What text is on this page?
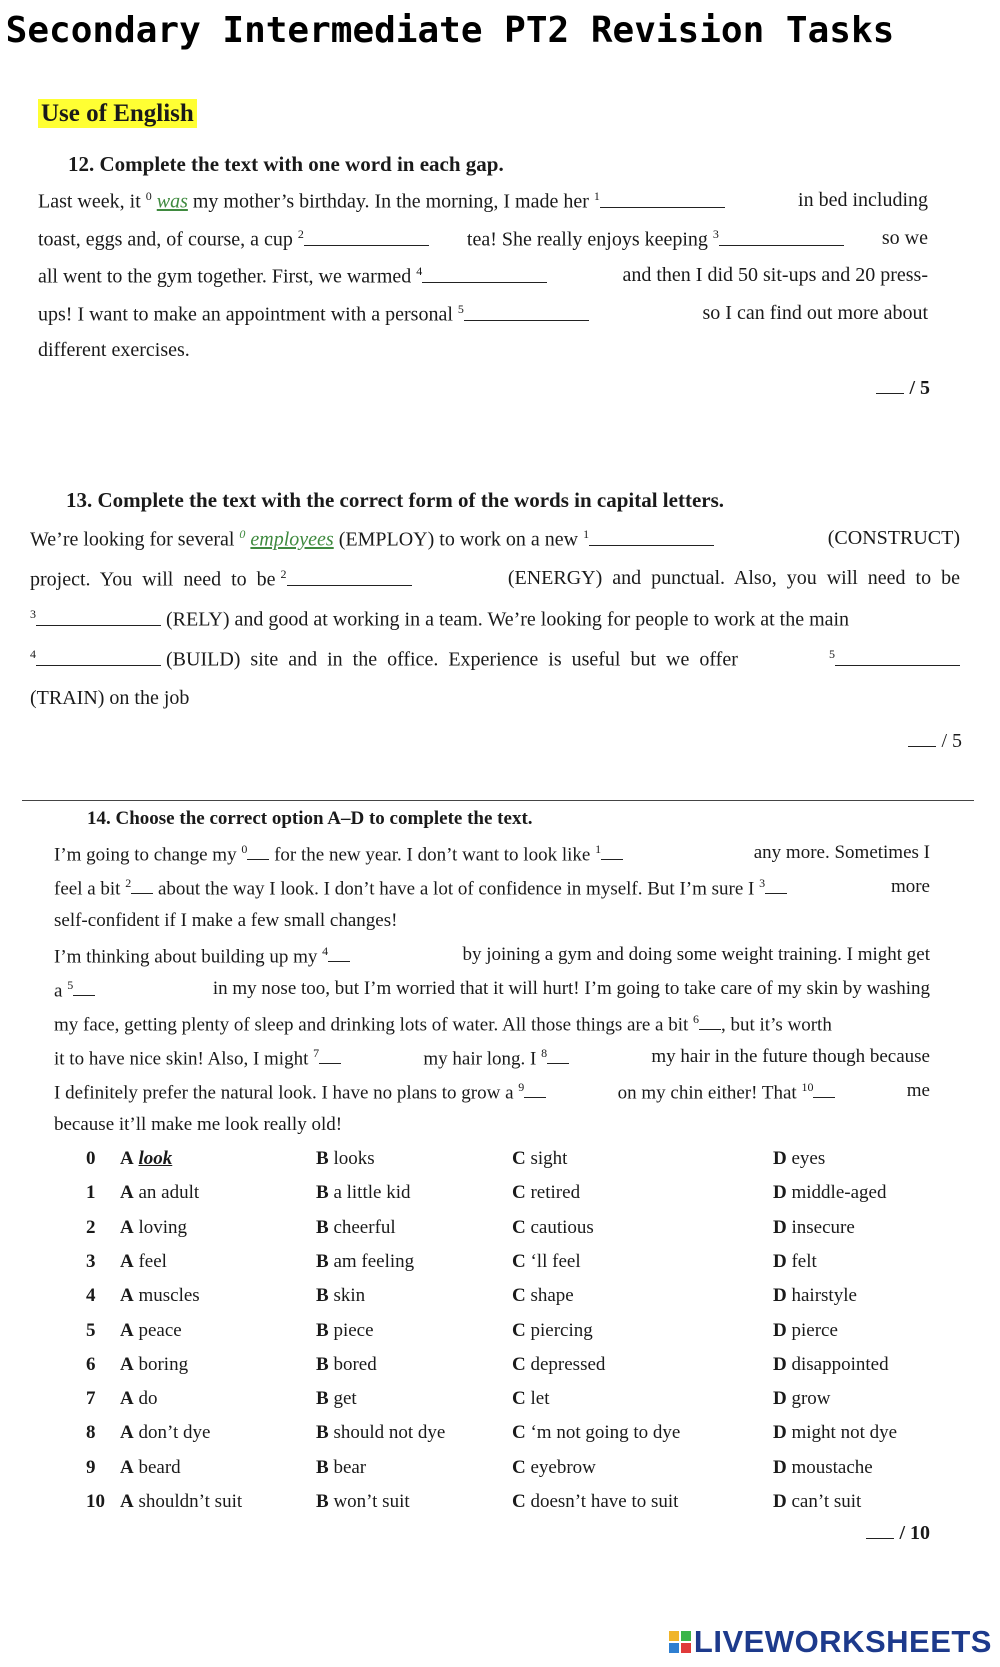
Secondary Intermediate PT2 Revision Tasks
Use of English
12. Complete the text with one word in each gap.
Last week, it $^0$ was my mother’s birthday. In the morning, I made her $^1$	in bed including
toast, eggs and, of course, a cup $^2$	tea! She really enjoys keeping $^3$	so we
all went to the gym together. First, we warmed $^4$	and then I did 50 sit-ups and 20 press-
ups! I want to make an appointment with a personal $^5$	so I can find out more about
different exercises.
/ 5
13. Complete the text with the correct form of the words in capital letters.
We’re looking for several $^0$ employees (EMPLOY) to work on a new $^1$	(CONSTRUCT)
project.  You  will  need  to  be $^2$	(ENERGY)  and  punctual.  Also,  you  will  need  to  be
$^3$	(RELY) and good at working in a team. We’re looking for people to work at the main
$^4$	(BUILD)  site  and  in  the  office.  Experience  is  useful  but  we  offer	$^5$
(TRAIN) on the job
/ 5
14. Choose the correct option A–D to complete the text.
I’m going to change my $^0$ for the new year. I don’t want to look like $^1$	any more. Sometimes I
feel a bit $^2$ about the way I look. I don’t have a lot of confidence in myself. But I’m sure I $^3$	more
self-confident if I make a few small changes!
I’m thinking about building up my $^4$	by joining a gym and doing some weight training. I might get
a $^5$	in my nose too, but I’m worried that it will hurt! I’m going to take care of my skin by washing
my face, getting plenty of sleep and drinking lots of water. All those things are a bit $^6$ , but it’s worth
it to have nice skin! Also, I might $^7$	my hair long. I $^8$	my hair in the future though because
I definitely prefer the natural look. I have no plans to grow a $^9$	on my chin either! That $^{10}$	me
because it’ll make me look really old!
0 A look	B looks	C sight	D eyes
1 A an adult	B a little kid	C retired	D middle-aged
2 A loving	B cheerful	C cautious	D insecure
3 A feel	B am feeling	C ‘ll feel	D felt
4 A muscles	B skin	C shape	D hairstyle
5 A peace	B piece	C piercing	D pierce
6 A boring	B bored	C depressed	D disappointed
7 A do	B get	C let	D grow
8 A don’t dye	B should not dye	C ‘m not going to dye	D might not dye
9 A beard	B bear	C eyebrow	D moustache
10 A shouldn’t suit	B won’t suit	C doesn’t have to suit	D can’t suit
/ 10
LIVEWORKSHEETS
